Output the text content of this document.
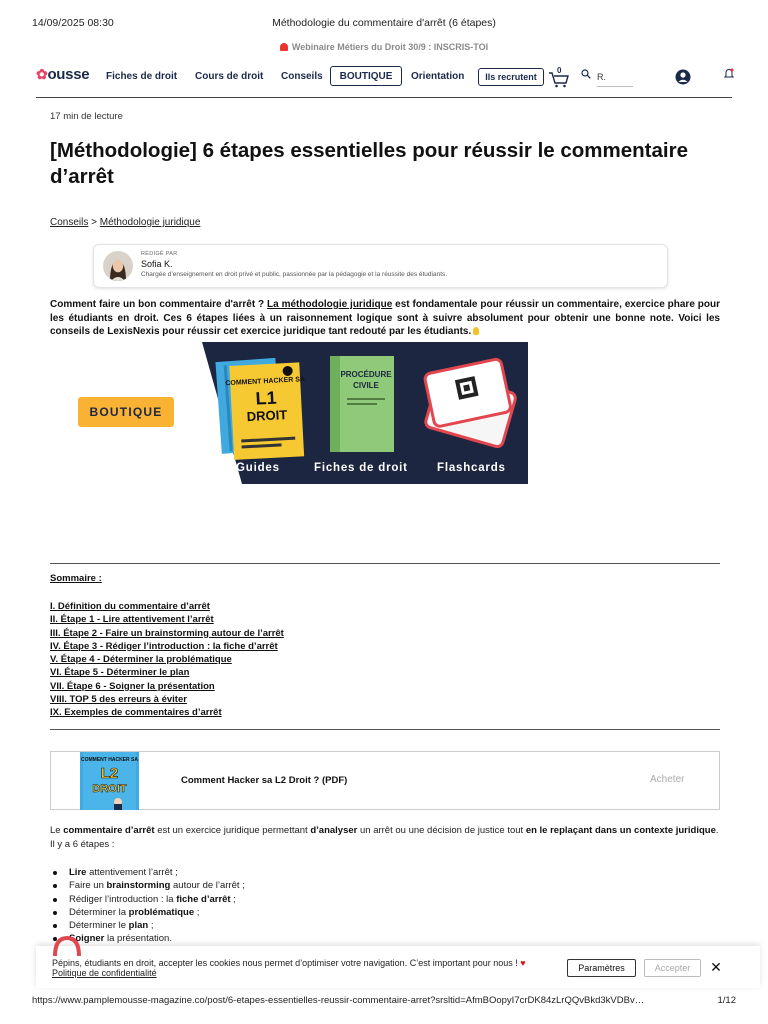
Méthodologie du commentaire d'arrêt (6 étapes)
14/09/2025 08:30
Webinaire Métiers du Droit 30/9 : INSCRIS-TOI
✿ousse Fiches de droit Cours de droit Conseils	BOUTIQUE	Orientation	Ils recrutent
0
R.
17 min de lecture
[Méthodologie] 6 étapes essentielles pour réussir le commentaire d’arrêt
Conseils > Méthodologie juridique
RÉDIGÉ PAR
Sofia K.
Chargée d’enseignement en droit privé et public, passionnée par la pédagogie et la réussite des étudiants.
Comment faire un bon commentaire d'arrêt ? La méthodologie juridique est fondamentale pour réussir un commentaire, exercice phare pour les étudiants en droit. Ces 6 étapes liées à un raisonnement logique sont à suivre absolument pour obtenir une bonne note. Voici les conseils de LexisNexis pour réussir cet exercice juridique tant redouté par les étudiants.
COMMENT HACKER SA
L1
DROIT
PROCÉDURE
CIVILE
BOUTIQUE
Guides	Fiches de droit	Flashcards
Sommaire :
I. Définition du commentaire d’arrêt
II. Étape 1 - Lire attentivement l’arrêt
III. Étape 2 - Faire un brainstorming autour de l’arrêt
IV. Étape 3 - Rédiger l’introduction : la fiche d’arrêt
V. Étape 4 - Déterminer la problématique
VI. Étape 5 - Déterminer le plan
VII. Étape 6 - Soigner la présentation
VIII. TOP 5 des erreurs à éviter
IX. Exemples de commentaires d’arrêt
COMMENT HACKER SA
L2
DROIT
Comment Hacker sa L2 Droit ? (PDF)	Acheter
Le commentaire d’arrêt est un exercice juridique permettant d’analyser un arrêt ou une décision de justice tout en le replaçant dans un contexte juridique. Il y a 6 étapes :
Lire attentivement l’arrêt ;
Faire un brainstorming autour de l’arrêt ;
Rédiger l’introduction : la fiche d’arrêt ;
Déterminer la problématique ;
Déterminer le plan ;
Soigner la présentation.
Pépins, étudiants en droit, accepter les cookies nous permet d’optimiser votre navigation. C’est important pour nous ! ♥
Politique de confidentialité	Paramètres	Accepter	✕
https://www.pamplemousse-magazine.co/post/6-etapes-essentielles-reussir-commentaire-arret?srsltid=AfmBOopyI7crDK84zLrQQvBkd3kVDBv…	1/12
